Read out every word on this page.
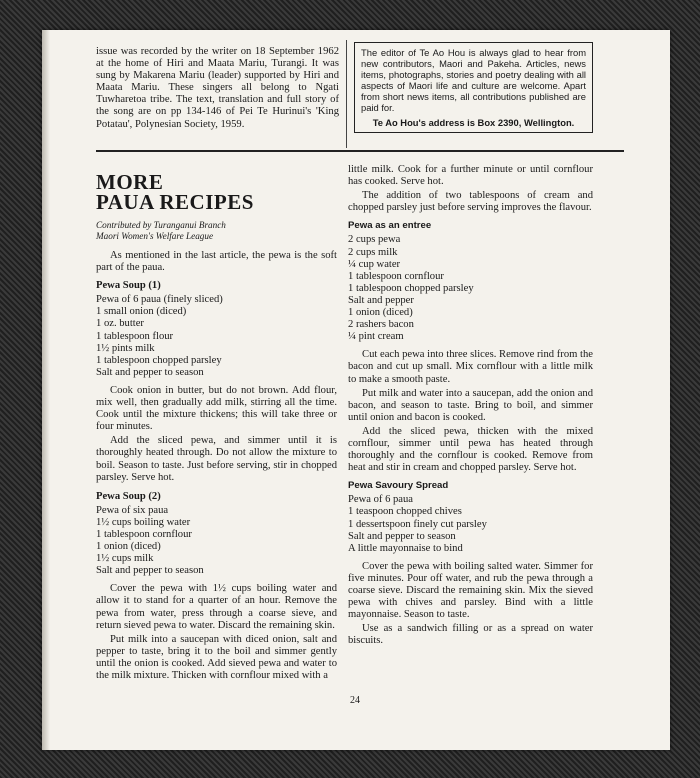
issue was recorded by the writer on 18 September 1962 at the home of Hiri and Maata Mariu, Turangi. It was sung by Makarena Mariu (leader) supported by Hiri and Maata Mariu. These singers all belong to Ngati Tuwharetoa tribe. The text, translation and full story of the song are on pp 134-146 of Pei Te Hurinui's 'King Potatau', Polynesian Society, 1959.
The editor of Te Ao Hou is always glad to hear from new contributors, Maori and Pakeha. Articles, news items, photographs, stories and poetry dealing with all aspects of Maori life and culture are welcome. Apart from short news items, all contributions published are paid for.
Te Ao Hou's address is Box 2390, Wellington.
MORE
PAUA RECIPES
Contributed by Turanganui Branch
Maori Women's Welfare League

As mentioned in the last article, the pewa is the soft part of the paua.

Pewa Soup (1)
Pewa of 6 paua (finely sliced)
1 small onion (diced)
1 oz. butter
1 tablespoon flour
1½ pints milk
1 tablespoon chopped parsley
Salt and pepper to season

Cook onion in butter, but do not brown. Add flour, mix well, then gradually add milk, stirring all the time. Cook until the mixture thickens; this will take three or four minutes.

Add the sliced pewa, and simmer until it is thoroughly heated through. Do not allow the mixture to boil. Season to taste. Just before serving, stir in chopped parsley. Serve hot.

Pewa Soup (2)
Pewa of six paua
1½ cups boiling water
1 tablespoon cornflour
1 onion (diced)
1½ cups milk
Salt and pepper to season

Cover the pewa with 1½ cups boiling water and allow it to stand for a quarter of an hour. Remove the pewa from water, press through a coarse sieve, and return sieved pewa to water. Discard the remaining skin.

Put milk into a saucepan with diced onion, salt and pepper to taste, bring it to the boil and simmer gently until the onion is cooked. Add sieved pewa and water to the milk mixture. Thicken with cornflour mixed with a

little milk. Cook for a further minute or until cornflour has cooked. Serve hot.

The addition of two tablespoons of cream and chopped parsley just before serving improves the flavour.

Pewa as an entree
2 cups pewa
2 cups milk
¼ cup water
1 tablespoon cornflour
1 tablespoon chopped parsley
Salt and pepper
1 onion (diced)
2 rashers bacon
¼ pint cream

Cut each pewa into three slices. Remove rind from the bacon and cut up small. Mix cornflour with a little milk to make a smooth paste.

Put milk and water into a saucepan, add the onion and bacon, and season to taste. Bring to boil, and simmer until onion and bacon is cooked.

Add the sliced pewa, thicken with the mixed cornflour, simmer until pewa has heated through thoroughly and the cornflour is cooked. Remove from heat and stir in cream and chopped parsley. Serve hot.

Pewa Savoury Spread
Pewa of 6 paua
1 teaspoon chopped chives
1 dessertspoon finely cut parsley
Salt and pepper to season
A little mayonnaise to bind

Cover the pewa with boiling salted water. Simmer for five minutes. Pour off water, and rub the pewa through a coarse sieve. Discard the remaining skin. Mix the sieved pewa with chives and parsley. Bind with a little mayonnaise. Season to taste.

Use as a sandwich filling or as a spread on water biscuits.

24
